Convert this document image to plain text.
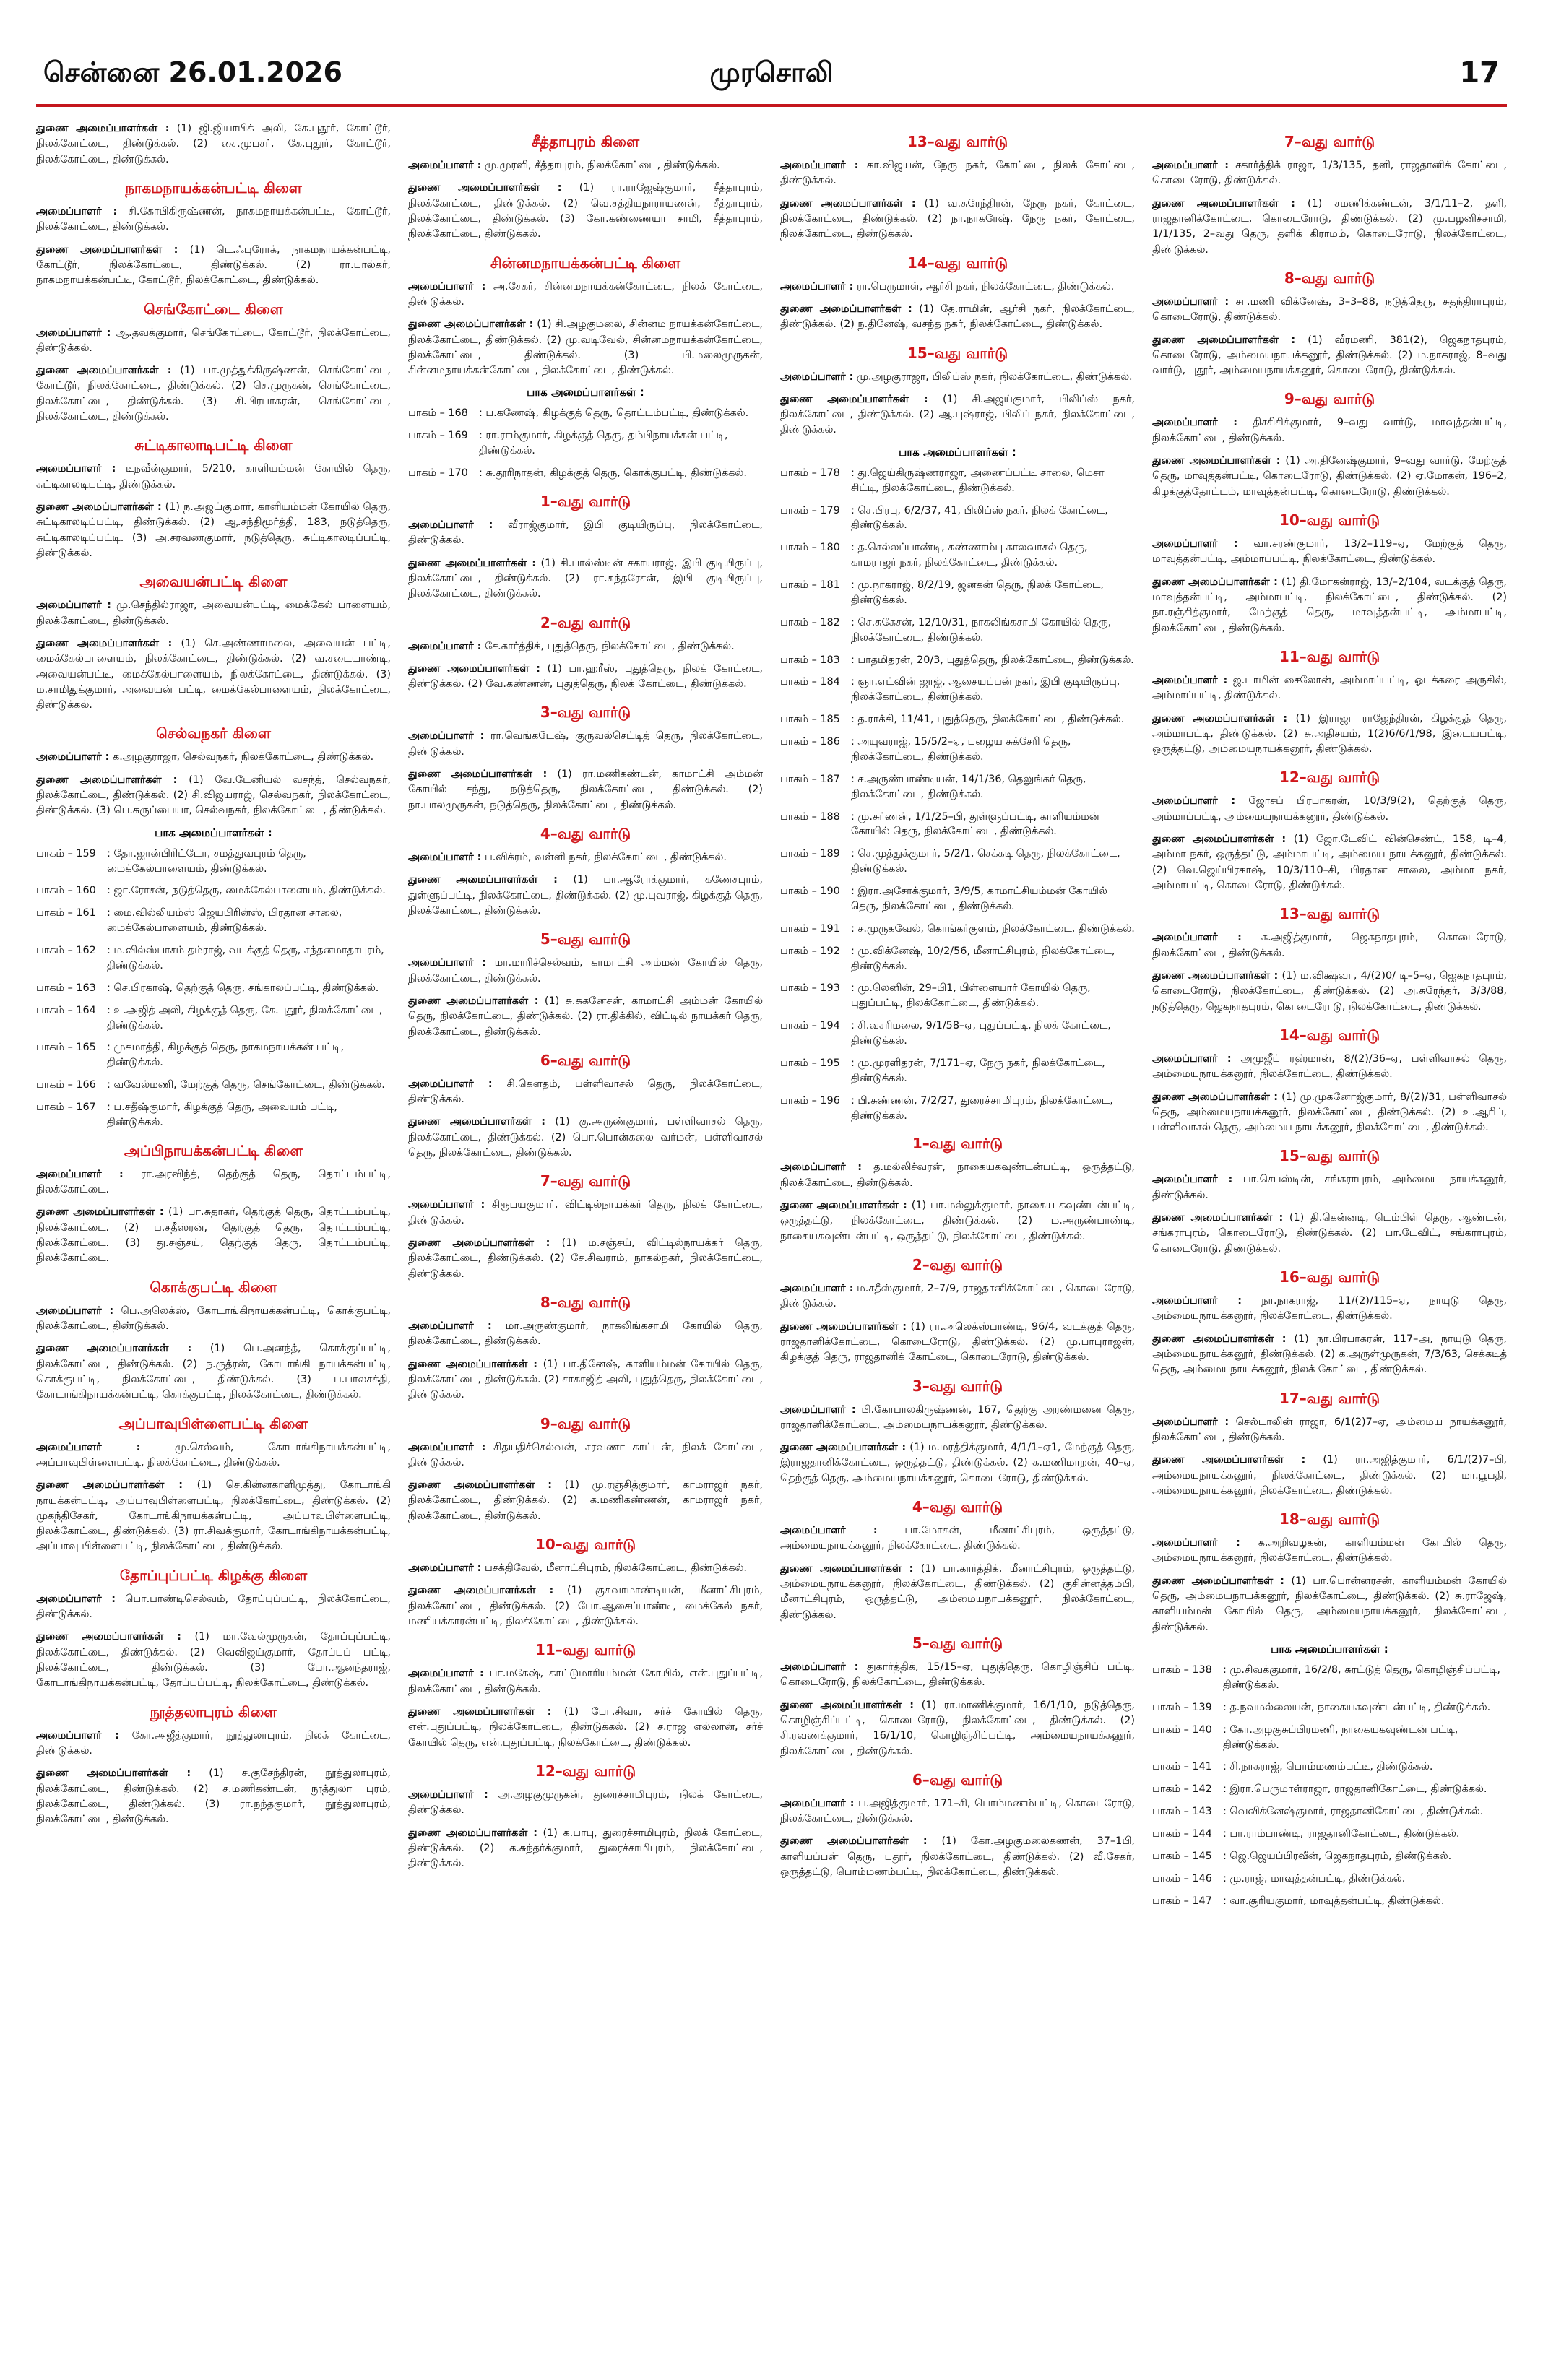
சென்னை 26.01.2026	முரசொலி	17
துணை அமைப்பாளர்கள் : (1) ஜி.ஜியாபிக் அலி, கே.புதூர், கோட்டூர், நிலக்கோட்டை, திண்டுக்கல். (2) சை.முபசர், கே.புதூர், கோட்டூர், நிலக்கோட்டை, திண்டுக்கல்.
நாகமநாயக்கன்பட்டி கிளை
அமைப்பாளர் : சி.கோபிகிருஷ்ணன், நாகமநாயக்கன்பட்டி, கோட்டூர், நிலக்கோட்டை, திண்டுக்கல்.
துணை அமைப்பாளர்கள் : (1) டெ.ஃபுரோக், நாகமநாயக்கன்பட்டி, கோட்டூர், நிலக்கோட்டை, திண்டுக்கல். (2) ரா.பால்கர், நாகமநாயக்கன்பட்டி, கோட்டூர், நிலக்கோட்டை, திண்டுக்கல்.
செங்கோட்டை கிளை
அமைப்பாளர் : ஆ.தவக்குமார், செங்கோட்டை, கோட்டூர், நிலக்கோட்டை, திண்டுக்கல்.
துணை அமைப்பாளர்கள் : (1) பா.முத்துக்கிருஷ்ணன், செங்கோட்டை, கோட்டூர், நிலக்கோட்டை, திண்டுக்கல். (2) செ.முருகன், செங்கோட்டை, நிலக்கோட்டை, திண்டுக்கல். (3) சி.பிரபாகரன், செங்கோட்டை, நிலக்கோட்டை, திண்டுக்கல்.
சுட்டிகாலாடிபட்டி கிளை
அமைப்பாளர் : டிநவீன்குமார், 5/210, காளியம்மன் கோயில் தெரு, சுட்டிகாலடிபட்டி, திண்டுக்கல்.
துணை அமைப்பாளர்கள் : (1) ந.அஜய்குமார், காளியம்மன் கோயில் தெரு, சுட்டிகாலடிப்பட்டி, திண்டுக்கல். (2) ஆ.சந்திமூர்த்தி, 183, நடுத்தெரு, சுட்டிகாலடிப்பட்டி. (3) அ.சரவணகுமார், நடுத்தெரு, சுட்டிகாலடிப்பட்டி, திண்டுக்கல்.
அவையன்பட்டி கிளை
அமைப்பாளர் : மு.செந்தில்ராஜா, அவையன்பட்டி, மைக்கேல் பாளையம், நிலக்கோட்டை, திண்டுக்கல்.
துணை அமைப்பாளர்கள் : (1) செ.அண்ணாமலை, அவையன் பட்டி, மைக்கேல்பாளையம், நிலக்கோட்டை, திண்டுக்கல். (2) வ.சடையாண்டி, அவையன்பட்டி, மைக்கேல்பாளையம், நிலக்கோட்டை, திண்டுக்கல். (3) ம.சாமிதுக்குமார், அவையன் பட்டி, மைக்கேல்பாளையம், நிலக்கோட்டை, திண்டுக்கல்.
செல்வநகர் கிளை
அமைப்பாளர் : க.அழகுராஜா, செல்வநகர், நிலக்கோட்டை, திண்டுக்கல்.
துணை அமைப்பாளர்கள் : (1) வே.டேனியல் வசந்த், செல்வநகர், நிலக்கோட்டை, திண்டுக்கல். (2) சி.விஜயராஜ், செல்வநகர், நிலக்கோட்டை, திண்டுக்கல். (3) பெ.சுருப்பையா, செல்வநகர், நிலக்கோட்டை, திண்டுக்கல்.
பாக அமைப்பாளர்கள் :
பாகம் – 159	: தோ.ஜான்பிரிட்டோ, சமத்துவபுரம் தெரு, மைக்கேல்பாளையம், திண்டுக்கல்.
பாகம் – 160	: ஜா.ரோசன், நடுத்தெரு, மைக்கேல்பாளையம், திண்டுக்கல்.
பாகம் – 161	: மை.வில்லியம்ஸ் ஜெயபிரின்ஸ், பிரதான சாலை, மைக்கேல்பாளையம், திண்டுக்கல்.
பாகம் – 162	: ம.வில்ஸ்பாசம் தம்ராஜ், வடக்குத் தெரு, சந்தனமாதாபுரம், திண்டுக்கல்.
பாகம் – 163	: செ.பிரகாஷ், தெற்குத் தெரு, சங்காலப்பட்டி, திண்டுக்கல்.
பாகம் – 164	: உ.அஜித் அலி, கிழக்குத் தெரு, கே.புதூர், நிலக்கோட்டை, திண்டுக்கல்.
பாகம் – 165	: முகமாத்தி, கிழக்குத் தெரு, நாகமநாயக்கன் பட்டி, திண்டுக்கல்.
பாகம் – 166	: வவேல்மணி, மேற்குத் தெரு, செங்கோட்டை, திண்டுக்கல்.
பாகம் – 167	: ப.சதீஷ்குமார், கிழக்குத் தெரு, அவையம் பட்டி, திண்டுக்கல்.
அப்பிநாயக்கன்பட்டி கிளை
அமைப்பாளர் : ரா.அரவிந்த், தெற்குத் தெரு, தொட்டம்பட்டி, நிலக்கோட்டை.
துணை அமைப்பாளர்கள் : (1) பா.சுதாகர், தெற்குத் தெரு, தொட்டம்பட்டி, நிலக்கோட்டை. (2) ப.சதீஸ்ரன், தெற்குத் தெரு, தொட்டம்பட்டி, நிலக்கோட்டை. (3) து.சஞ்சய், தெற்குத் தெரு, தொட்டம்பட்டி, நிலக்கோட்டை.
கொக்குபட்டி கிளை
அமைப்பாளர் : பெ.அலெக்ஸ், கோடாங்கிநாயக்கன்பட்டி, கொக்குபட்டி, நிலக்கோட்டை, திண்டுக்கல்.
துணை அமைப்பாளர்கள் : (1) பெ.அனந்த், கொக்குப்பட்டி, நிலக்கோட்டை, திண்டுக்கல். (2) ந.ருத்ரன், கோடாங்கி நாயக்கன்பட்டி, கொக்குபட்டி, நிலக்கோட்டை, திண்டுக்கல். (3) ப.பாலசக்தி, கோடாங்கிநாயக்கன்பட்டி, கொக்குபட்டி, நிலக்கோட்டை, திண்டுக்கல்.
அப்பாவுபிள்ளைபட்டி கிளை
அமைப்பாளர் :	மு.செல்வம், கோடாங்கிநாயக்கன்பட்டி, அப்பாவுபிள்ளைபட்டி, நிலக்கோட்டை, திண்டுக்கல்.
துணை அமைப்பாளர்கள் : (1) செ.கின்னகாளிமுத்து, கோடாங்கி நாயக்கன்பட்டி, அப்பாவுபிள்ளைபட்டி, நிலக்கோட்டை, திண்டுக்கல். (2) முகந்திசேகர், கோடாங்கிநாயக்கன்பட்டி, அப்பாவுபிள்ளைபட்டி, நிலக்கோட்டை, திண்டுக்கல். (3) ரா.சிவக்குமார், கோடாங்கிநாயக்கன்பட்டி, அப்பாவு பிள்ளைபட்டி, நிலக்கோட்டை, திண்டுக்கல்.
தோப்புப்பட்டி கிழக்கு கிளை
அமைப்பாளர் : பொ.பாண்டிசெல்வம், தோப்புப்பட்டி, நிலக்கோட்டை, திண்டுக்கல்.
துணை அமைப்பாளர்கள் : (1) மா.வேல்முருகன், தோப்புப்பட்டி, நிலக்கோட்டை, திண்டுக்கல். (2) வெவிஜய்குமார், தோப்புப் பட்டி, நிலக்கோட்டை, திண்டுக்கல். (3) போ.ஆனந்தராஜ், கோடாங்கிநாயக்கன்பட்டி, தோப்புப்பட்டி, நிலக்கோட்டை, திண்டுக்கல்.
நூத்தலாபுரம் கிளை
அமைப்பாளர் : கோ.அஜீத்குமார், நூத்துலாபுரம், நிலக் கோட்டை, திண்டுக்கல்.
துணை அமைப்பாளர்கள் : (1) ச.குசேந்திரன், நூத்துலாபுரம், நிலக்கோட்டை, திண்டுக்கல். (2) ச.மணிகண்டன், நூத்துலா புரம், நிலக்கோட்டை, திண்டுக்கல். (3) ரா.நந்தகுமார், நூத்துலாபுரம், நிலக்கோட்டை, திண்டுக்கல்.
சீத்தாபுரம் கிளை
அமைப்பாளர் : மு.முரளி, சீத்தாபுரம், நிலக்கோட்டை, திண்டுக்கல்.
துணை அமைப்பாளர்கள் : (1) ரா.ராஜேஷ்குமார், சீத்தாபுரம், நிலக்கோட்டை, திண்டுக்கல். (2) வெ.சத்தியநாராயணன், சீத்தாபுரம், நிலக்கோட்டை, திண்டுக்கல். (3) கோ.கண்ணையா சாமி, சீத்தாபுரம், நிலக்கோட்டை, திண்டுக்கல்.
சின்னமநாயக்கன்பட்டி கிளை
அமைப்பாளர் : அ.சேகர், சின்னமநாயக்கன்கோட்டை, நிலக் கோட்டை, திண்டுக்கல்.
துணை அமைப்பாளர்கள் : (1) சி.அழகுமலை, சின்னம நாயக்கன்கோட்டை, நிலக்கோட்டை, திண்டுக்கல். (2) மு.வடிவேல், சின்னமநாயக்கன்கோட்டை, நிலக்கோட்டை, திண்டுக்கல். (3) பி.மலைமுருகன், சின்னமநாயக்கன்கோட்டை, நிலக்கோட்டை, திண்டுக்கல்.
பாக அமைப்பாளர்கள் :
பாகம் – 168	: ப.கணேஷ், கிழக்குத் தெரு, தொட்டம்பட்டி, திண்டுக்கல்.
பாகம் – 169	: ரா.ராம்குமார், கிழக்குத் தெரு, தம்பிநாயக்கன் பட்டி, திண்டுக்கல்.
பாகம் – 170	: சு.தூரிநாதன், கிழக்குத் தெரு, கொக்குபட்டி, திண்டுக்கல்.
1–வது வார்டு
அமைப்பாளர் : வீராஜ்குமார், இபி குடியிருப்பு, நிலக்கோட்டை, திண்டுக்கல்.
துணை அமைப்பாளர்கள் : (1) சி.பால்ஸ்டின் சகாயராஜ், இபி குடியிருப்பு, நிலக்கோட்டை, திண்டுக்கல். (2) ரா.சுந்தரேசன், இபி குடியிருப்பு, நிலக்கோட்டை, திண்டுக்கல்.
2–வது வார்டு
அமைப்பாளர் : சே.கார்த்திக், புதுத்தெரு, நிலக்கோட்டை, திண்டுக்கல்.
துணை அமைப்பாளர்கள் : (1) பா.ஹரீஸ், புதுத்தெரு, நிலக் கோட்டை, திண்டுக்கல். (2) வே.கண்ணன், புதுத்தெரு, நிலக் கோட்டை, திண்டுக்கல்.
3–வது வார்டு
அமைப்பாளர் : ரா.வெங்கடேஷ், குருவல்செட்டித் தெரு, நிலக்கோட்டை, திண்டுக்கல்.
துணை அமைப்பாளர்கள் : (1) ரா.மணிகண்டன், காமாட்சி அம்மன் கோயில் சந்து, நடுத்தெரு, நிலக்கோட்டை, திண்டுக்கல். (2) நா.பாலமுருகன், நடுத்தெரு, நிலக்கோட்டை, திண்டுக்கல்.
4–வது வார்டு
அமைப்பாளர் : ப.விக்ரம், வள்ளி நகர், நிலக்கோட்டை, திண்டுக்கல்.
துணை அமைப்பாளர்கள் : (1) பா.ஆரோக்குமார், கணேசபுரம், துள்ளுப்பட்டி, நிலக்கோட்டை, திண்டுக்கல். (2) மு.புவராஜ், கிழக்குத் தெரு, நிலக்கோட்டை, திண்டுக்கல்.
5–வது வார்டு
அமைப்பாளர் : மா.மாரிச்செல்வம், காமாட்சி அம்மன் கோயில் தெரு, நிலக்கோட்டை, திண்டுக்கல்.
துணை அமைப்பாளர்கள் : (1) சு.சுகனேசன், காமாட்சி அம்மன் கோயில் தெரு, நிலக்கோட்டை, திண்டுக்கல். (2) ரா.திக்கில், விட்டில் நாயக்கர் தெரு, நிலக்கோட்டை, திண்டுக்கல்.
6–வது வார்டு
அமைப்பாளர் : சி.கௌதம், பள்ளிவாசல் தெரு, நிலக்கோட்டை, திண்டுக்கல்.
துணை அமைப்பாளர்கள் : (1) கு.அருண்குமார், பள்ளிவாசல் தெரு, நிலக்கோட்டை, திண்டுக்கல். (2) பொ.பொன்கலை வர்மன், பள்ளிவாசல் தெரு, நிலக்கோட்டை, திண்டுக்கல்.
7–வது வார்டு
அமைப்பாளர் : சிரூபயகுமார், விட்டில்நாயக்கர் தெரு, நிலக் கோட்டை, திண்டுக்கல்.
துணை அமைப்பாளர்கள் : (1) ம.சஞ்சய், விட்டில்நாயக்கர் தெரு, நிலக்கோட்டை, திண்டுக்கல். (2) சே.சிவராம், நாகல்நகர், நிலக்கோட்டை, திண்டுக்கல்.
8–வது வார்டு
அமைப்பாளர் : மா.அருண்குமார், நாகலிங்கசாமி கோயில் தெரு, நிலக்கோட்டை, திண்டுக்கல்.
துணை அமைப்பாளர்கள் : (1) பா.தினேஷ், காளியம்மன் கோயில் தெரு, நிலக்கோட்டை, திண்டுக்கல். (2) சாகாஜித் அலி, புதுத்தெரு, நிலக்கோட்டை, திண்டுக்கல்.
9–வது வார்டு
அமைப்பாளர் : சிதயதிச்செல்வன், சரவணா காட்டன், நிலக் கோட்டை, திண்டுக்கல்.
துணை அமைப்பாளர்கள் : (1) மு.ரஞ்சித்குமார், காமராஜர் நகர், நிலக்கோட்டை, திண்டுக்கல். (2) க.மணிகண்ணன், காமராஜர் நகர், நிலக்கோட்டை, திண்டுக்கல்.
10–வது வார்டு
அமைப்பாளர் : பசக்திவேல், மீனாட்சிபுரம், நிலக்கோட்டை, திண்டுக்கல்.
துணை அமைப்பாளர்கள் : (1) குசுவாமாண்டியன், மீனாட்சிபுரம், நிலக்கோட்டை, திண்டுக்கல். (2) போ.ஆசைப்பாண்டி, மைக்கேல் நகர், மணியக்காரன்பட்டி, நிலக்கோட்டை, திண்டுக்கல்.
11–வது வார்டு
அமைப்பாளர் : பா.மகேஷ், காட்டுமாரியம்மன் கோயில், என்.புதுப்பட்டி, நிலக்கோட்டை, திண்டுக்கல்.
துணை அமைப்பாளர்கள் : (1) போ.சிவா, சர்ச் கோயில் தெரு, என்.புதுப்பட்டி, நிலக்கோட்டை, திண்டுக்கல். (2) ச.ராஜ எல்லான், சர்ச் கோயில் தெரு, என்.புதுப்பட்டி, நிலக்கோட்டை, திண்டுக்கல்.
12–வது வார்டு
அமைப்பாளர் : அ.அழகுமுருகன், துரைச்சாமிபுரம், நிலக் கோட்டை, திண்டுக்கல்.
துணை அமைப்பாளர்கள் : (1) க.பாபு, துரைச்சாமிபுரம், நிலக் கோட்டை, திண்டுக்கல். (2) க.சுந்தர்க்குமார், துரைச்சாமிபுரம், நிலக்கோட்டை, திண்டுக்கல்.
13–வது வார்டு
அமைப்பாளர் : கா.விஜயன், நேரு நகர், கோட்டை, நிலக் கோட்டை, திண்டுக்கல்.
துணை அமைப்பாளர்கள் : (1) வ.சுரேந்திரன், நேரு நகர், கோட்டை, நிலக்கோட்டை, திண்டுக்கல். (2) நா.நாகரேஷ், நேரு நகர், கோட்டை, நிலக்கோட்டை, திண்டுக்கல்.
14–வது வார்டு
அமைப்பாளர் : ரா.பெருமாள், ஆர்சி நகர், நிலக்கோட்டை, திண்டுக்கல்.
துணை அமைப்பாளர்கள் : (1) தே.ராமின், ஆர்சி நகர், நிலக்கோட்டை, திண்டுக்கல். (2) ந.தினேஷ், வசந்த நகர், நிலக்கோட்டை, திண்டுக்கல்.
15–வது வார்டு
அமைப்பாளர் : மு.அழகுராஜா, பிலிப்ஸ் நகர், நிலக்கோட்டை, திண்டுக்கல்.
துணை அமைப்பாளர்கள் : (1) சி.அஜய்குமார், பிலிப்ஸ் நகர், நிலக்கோட்டை, திண்டுக்கல். (2) ஆ.புஷ்ராஜ், பிலிப் நகர், நிலக்கோட்டை, திண்டுக்கல்.
பாக அமைப்பாளர்கள் :
பாகம் – 178	: து.ஜெய்கிருஷ்ணராஜா, அணைப்பட்டி சாலை, மெசா சிட்டி, நிலக்கோட்டை, திண்டுக்கல்.
பாகம் – 179	: செ.பிரபு, 6/2/37, 41, பிலிப்ஸ் நகர், நிலக் கோட்டை, திண்டுக்கல்.
பாகம் – 180	: த.செல்லப்பாண்டி, சுண்ணாம்பு காலவாசல் தெரு, காமராஜர் நகர், நிலக்கோட்டை, திண்டுக்கல்.
பாகம் – 181	: மு.நாகராஜ், 8/2/19, ஜனகன் தெரு, நிலக் கோட்டை, திண்டுக்கல்.
பாகம் – 182	: செ.சுகேசன், 12/10/31, நாகலிங்கசாமி கோயில் தெரு, நிலக்கோட்டை, திண்டுக்கல்.
பாகம் – 183	: பாதமிதரன், 20/3, புதுத்தெரு, நிலக்கோட்டை, திண்டுக்கல்.
பாகம் – 184	: ஞா.எட்வின் ஜாஜ், ஆசையப்பன் நகர், இபி குடியிருப்பு, நிலக்கோட்டை, திண்டுக்கல்.
பாகம் – 185	: த.ராக்கி, 11/41, புதுத்தெரு, நிலக்கோட்டை, திண்டுக்கல்.
பாகம் – 186	: அயுவராஜ், 15/5/2–ஏ, பழைய சுக்சேரி தெரு, நிலக்கோட்டை, திண்டுக்கல்.
பாகம் – 187	: ச.அருண்பாண்டியன், 14/1/36, தெலுங்கர் தெரு, நிலக்கோட்டை, திண்டுக்கல்.
பாகம் – 188	: மு.சுர்ணன், 1/1/25–பி, துள்ளுப்பட்டி, காளியம்மன் கோயில் தெரு, நிலக்கோட்டை, திண்டுக்கல்.
பாகம் – 189	: செ.முத்துக்குமார், 5/2/1, செக்கடி தெரு, நிலக்கோட்டை, திண்டுக்கல்.
பாகம் – 190	: இரா.அசோக்குமார், 3/9/5, காமாட்சியம்மன் கோயில் தெரு, நிலக்கோட்டை, திண்டுக்கல்.
பாகம் – 191	: ச.முருகவேல், கொங்கர்குளம், நிலக்கோட்டை, திண்டுக்கல்.
பாகம் – 192	: மு.விக்னேஷ், 10/2/56, மீனாட்சிபுரம், நிலக்கோட்டை, திண்டுக்கல்.
பாகம் – 193	: மு.லெனின், 29–பி1, பிள்ளையார் கோயில் தெரு, புதுப்பட்டி, நிலக்கோட்டை, திண்டுக்கல்.
பாகம் – 194	: சி.வசரிமலை, 9/1/58–ஏ, புதுப்பட்டி, நிலக் கோட்டை, திண்டுக்கல்.
பாகம் – 195	: மு.முரளிதரன், 7/171–ஏ, நேரு நகர், நிலக்கோட்டை, திண்டுக்கல்.
பாகம் – 196	: பி.சுண்ணன், 7/2/27, துரைச்சாமிபுரம், நிலக்கோட்டை, திண்டுக்கல்.
1–வது வார்டு
அமைப்பாளர் : த.மல்லிச்வரன், நாகையகவுண்டன்பட்டி, ஒருத்தட்டு, நிலக்கோட்டை, திண்டுக்கல்.
துணை அமைப்பாளர்கள் : (1) பா.மல்லுக்குமார், நாகைய கவுண்டன்பட்டி, ஒருத்தட்டு, நிலக்கோட்டை, திண்டுக்கல். (2) ம.அருண்பாண்டி, நாகையகவுண்டன்பட்டி, ஒருத்தட்டு, நிலக்கோட்டை, திண்டுக்கல்.
2–வது வார்டு
அமைப்பாளர் : ம.சதீஸ்குமார், 2–7/9, ராஜதானிக்கோட்டை, கொடைரோடு, திண்டுக்கல்.
துணை அமைப்பாளர்கள் : (1) ரா.அலெக்ஸ்பாண்டி, 96/4, வடக்குத் தெரு, ராஜதானிக்கோட்டை, கொடைரோடு, திண்டுக்கல். (2) மு.பாபுராஜன், கிழக்குத் தெரு, ராஜதானிக் கோட்டை, கொடைரோடு, திண்டுக்கல்.
3–வது வார்டு
அமைப்பாளர் : பி.கோபாலகிருஷ்ணன், 167, தெற்கு அரண்மனை தெரு, ராஜதானிக்கோட்டை, அம்மையநாயக்கனூர், திண்டுக்கல்.
துணை அமைப்பாளர்கள் : (1) ம.மரத்திக்குமார், 4/1/1–ஏ1, மேற்குத் தெரு, இராஜதானிக்கோட்டை, ஒருத்தட்டு, திண்டுக்கல். (2) க.மணிமாறன், 40–ஏ, தெற்குத் தெரு, அம்மையநாயக்கனூர், கொடைரோடு, திண்டுக்கல்.
4–வது வார்டு
அமைப்பாளர் :	பா.மோகன், மீனாட்சிபுரம், ஒருத்தட்டு, அம்மையநாயக்கனூர், நிலக்கோட்டை, திண்டுக்கல்.
துணை அமைப்பாளர்கள் : (1) பா.கார்த்திக், மீனாட்சிபுரம், ஒருத்தட்டு, அம்மையநாயக்கனூர், நிலக்கோட்டை, திண்டுக்கல். (2) குசின்னத்தம்பி, மீனாட்சிபுரம், ஒருத்தட்டு, அம்மையநாயக்கனூர், நிலக்கோட்டை, திண்டுக்கல்.
5–வது வார்டு
அமைப்பாளர் : துகார்த்திக், 15/15–ஏ, புதுத்தெரு, கொழிஞ்சிப் பட்டி, கொடைரோடு, நிலக்கோட்டை, திண்டுக்கல்.
துணை அமைப்பாளர்கள் : (1) ரா.மாணிக்குமார், 16/1/10, நடுத்தெரு, கொழிஞ்சிப்பட்டி, கொடைரோடு, நிலக்கோட்டை, திண்டுக்கல். (2) சி.ரவணக்குமார், 16/1/10, கொழிஞ்சிப்பட்டி, அம்மையநாயக்கனூர், நிலக்கோட்டை, திண்டுக்கல்.
6–வது வார்டு
அமைப்பாளர் : ப.அஜித்குமார், 171–சி, பொம்மணம்பட்டி, கொடைரோடு, நிலக்கோட்டை, திண்டுக்கல்.
துணை அமைப்பாளர்கள் : (1) கோ.அழகுமலைகணன், 37–1பி, காளியப்பன் தெரு, புதூர், நிலக்கோட்டை, திண்டுக்கல். (2) வீ.சேகர், ஒருத்தட்டு, பொம்மணம்பட்டி, நிலக்கோட்டை, திண்டுக்கல்.
7–வது வார்டு
அமைப்பாளர் : சகார்த்திக் ராஜா, 1/3/135, தளி, ராஜதானிக் கோட்டை, கொடைரோடு, திண்டுக்கல்.
துணை அமைப்பாளர்கள் : (1) சமணிக்கண்டன், 3/1/11–2, தளி, ராஜதானிக்கோட்டை, கொடைரோடு, திண்டுக்கல். (2) மு.பழனிச்சாமி, 1/1/135, 2–வது தெரு, தளிக் கிராமம், கொடைரோடு, நிலக்கோட்டை, திண்டுக்கல்.
8–வது வார்டு
அமைப்பாளர் : சா.மணி விக்னேஷ், 3–3–88, நடுத்தெரு, சுதந்திராபுரம், கொடைரோடு, திண்டுக்கல்.
துணை அமைப்பாளர்கள் : (1) வீரமணி, 381(2), ஜெகநாதபுரம், கொடைரோடு, அம்மையநாயக்கனூர், திண்டுக்கல். (2) ம.நாகராஜ், 8–வது வார்டு, புதூர், அம்மையநாயக்கனூர், கொடைரோடு, திண்டுக்கல்.
9–வது வார்டு
அமைப்பாளர் : திசசிசிக்குமார், 9–வது வார்டு, மாவுத்தன்பட்டி, நிலக்கோட்டை, திண்டுக்கல்.
துணை அமைப்பாளர்கள் : (1) அ.தினேஷ்குமார், 9–வது வார்டு, மேற்குத் தெரு, மாவுத்தன்பட்டி, கொடைரோடு, திண்டுக்கல். (2) ஏ.மோகன், 196–2, கிழக்குத்தோட்டம், மாவுத்தன்பட்டி, கொடைரோடு, திண்டுக்கல்.
10–வது வார்டு
அமைப்பாளர் : வா.சரண்குமார், 13/2–119–ஏ, மேற்குத் தெரு, மாவுத்தன்பட்டி, அம்மாப்பட்டி, நிலக்கோட்டை, திண்டுக்கல்.
துணை அமைப்பாளர்கள் : (1) தி.மோகன்ராஜ், 13/–2/104, வடக்குத் தெரு, மாவுத்தன்பட்டி, அம்மாபட்டி, நிலக்கோட்டை, திண்டுக்கல். (2) நா.ரஞ்சித்குமார், மேற்குத் தெரு, மாவுத்தன்பட்டி, அம்மாபட்டி, நிலக்கோட்டை, திண்டுக்கல்.
11–வது வார்டு
அமைப்பாளர் : ஜ.டாமின் சைலோன், அம்மாப்பட்டி, ஓடக்கரை அருகில், அம்மாப்பட்டி, திண்டுக்கல்.
துணை அமைப்பாளர்கள் : (1) இராஜா ராஜேந்திரன், கிழக்குத் தெரு, அம்மாபட்டி, திண்டுக்கல். (2) சு.அதிசயம், 1(2)6/6/1/98, இடையபட்டி, ஒருத்தட்டு, அம்மையநாயக்கனூர், திண்டுக்கல்.
12–வது வார்டு
அமைப்பாளர் : ஜோசப் பிரபாகரன், 10/3/9(2), தெற்குத் தெரு, அம்மாப்பட்டி, அம்மையநாயக்கனூர், திண்டுக்கல்.
துணை அமைப்பாளர்கள் : (1) ஜோ.டேவிட் வின்செண்ட், 158, டி–4, அம்மா நகர், ஒருத்தட்டு, அம்மாபட்டி, அம்மைய நாயக்கனூர், திண்டுக்கல். (2) வெ.ஜெய்பிரகாஷ், 10/3/110–சி, பிரதான சாலை, அம்மா நகர், அம்மாபட்டி, கொடைரோடு, திண்டுக்கல்.
13–வது வார்டு
அமைப்பாளர் : க.அஜித்குமார், ஜெகநாதபுரம், கொடைரோடு, நிலக்கோட்டை, திண்டுக்கல்.
துணை அமைப்பாளர்கள் : (1) ம.விக்ஷ்வா, 4/(2)0/ டி–5–ஏ, ஜெகநாதபுரம், கொடைரோடு, நிலக்கோட்டை, திண்டுக்கல். (2) அ.சுரேந்தர், 3/3/88, நடுத்தெரு, ஜெகநாதபுரம், கொடைரோடு, நிலக்கோட்டை, திண்டுக்கல்.
14–வது வார்டு
அமைப்பாளர் : அமுஜீப் ரஹ்மான், 8/(2)/36–ஏ, பள்ளிவாசல் தெரு, அம்மையநாயக்கனூர், நிலக்கோட்டை, திண்டுக்கல்.
துணை அமைப்பாளர்கள் : (1) மு.முகனோஜ்குமார், 8/(2)/31, பள்ளிவாசல் தெரு, அம்மையநாயக்கனூர், நிலக்கோட்டை, திண்டுக்கல். (2) உ.ஆரிப், பள்ளிவாசல் தெரு, அம்மைய நாயக்கனூர், நிலக்கோட்டை, திண்டுக்கல்.
15–வது வார்டு
அமைப்பாளர் : பா.செபஸ்டின், சங்கராபுரம், அம்மைய நாயக்கனூர், திண்டுக்கல்.
துணை அமைப்பாளர்கள் : (1) தி.கென்னடி, டெம்பிள் தெரு, ஆண்டன், சங்கராபுரம், கொடைரோடு, திண்டுக்கல். (2) பா.டேவிட், சங்கராபுரம், கொடைரோடு, திண்டுக்கல்.
16–வது வார்டு
அமைப்பாளர் : நா.நாகராஜ், 11/(2)/115–ஏ, நாயுடு தெரு, அம்மையநாயக்கனூர், நிலக்கோட்டை, திண்டுக்கல்.
துணை அமைப்பாளர்கள் : (1) நா.பிரபாகரன், 117–அ, நாயுடு தெரு, அம்மையநாயக்கனூர், திண்டுக்கல். (2) க.அருள்முருகன், 7/3/63, செக்கடித் தெரு, அம்மையநாயக்கனூர், நிலக் கோட்டை, திண்டுக்கல்.
17–வது வார்டு
அமைப்பாளர் : செல்டாலின் ராஜா, 6/1(2)7–ஏ, அம்மைய நாயக்கனூர், நிலக்கோட்டை, திண்டுக்கல்.
துணை அமைப்பாளர்கள் : (1) ரா.அஜித்குமார், 6/1/(2)7–பி, அம்மையநாயக்கனூர், நிலக்கோட்டை, திண்டுக்கல். (2) மா.பூபதி, அம்மையநாயக்கனூர், நிலக்கோட்டை, திண்டுக்கல்.
18–வது வார்டு
அமைப்பாளர் : க.அறிவழகன், காளியம்மன் கோயில் தெரு, அம்மையநாயக்கனூர், நிலக்கோட்டை, திண்டுக்கல்.
துணை அமைப்பாளர்கள் : (1) பா.பொன்னரசன், காளியம்மன் கோயில் தெரு, அம்மையநாயக்கனூர், நிலக்கோட்டை, திண்டுக்கல். (2) சு.ராஜேஷ், காளியம்மன் கோயில் தெரு, அம்மையநாயக்கனூர், நிலக்கோட்டை, திண்டுக்கல்.
பாக அமைப்பாளர்கள் :
பாகம் – 138	: மு.சிவக்குமார், 16/2/8, சுரட்டுத் தெரு, கொழிஞ்சிப்பட்டி, திண்டுக்கல்.
பாகம் – 139	: த.நவமல்லையன், நாகையகவுண்டன்பட்டி, திண்டுக்கல்.
பாகம் – 140	: கோ.அழகுசுப்பிரமணி, நாகையகவுண்டன் பட்டி, திண்டுக்கல்.
பாகம் – 141	: சி.நாகராஜ், பொம்மணம்பட்டி, திண்டுக்கல்.
பாகம் – 142	: இரா.பெருமாள்ராஜா, ராஜதானிகோட்டை, திண்டுக்கல்.
பாகம் – 143	: வெவிக்னேஷ்குமார், ராஜதானிகோட்டை, திண்டுக்கல்.
பாகம் – 144	: பா.ராம்பாண்டி, ராஜதானிகோட்டை, திண்டுக்கல்.
பாகம் – 145	: ஜெ.ஜெயப்பிரவீன், ஜெகநாதபுரம், திண்டுக்கல்.
பாகம் – 146	: மு.ராஜ், மாவுத்தன்பட்டி, திண்டுக்கல்.
பாகம் – 147	: வா.சூரியகுமார், மாவுத்தன்பட்டி, திண்டுக்கல்.
